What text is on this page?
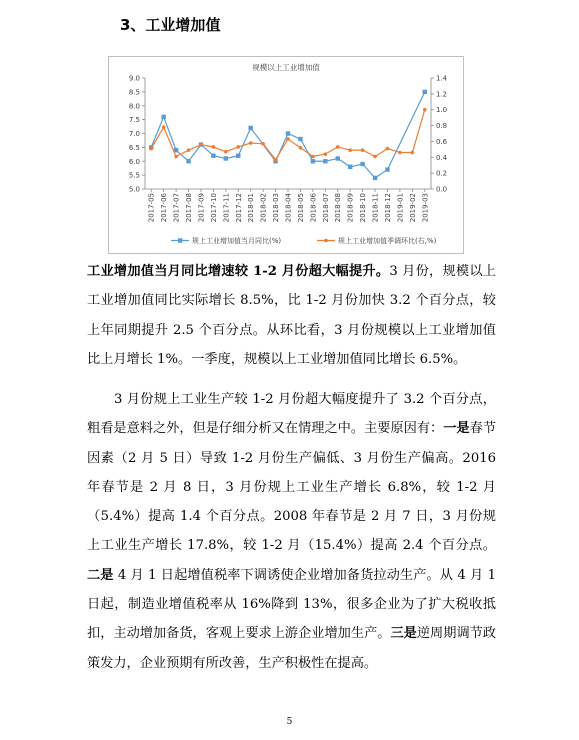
3、工业增加值
规模以上工业增加值
5.0
5.5
6.0
6.5
7.0
7.5
8.0
8.5
9.0
0.0
0.2
0.4
0.6
0.8
1.0
1.2
1.4
2017-05 2017-06 2017-07 2017-08 2017-09 2017-10 2017-11 2017-12 2018-01 2018-02 2018-03 2018-04 2018-05 2018-06 2018-07 2018-08 2018-09 2018-10 2018-11 2018-12 2019-01 2019-02 2019-03
规上工业增加值当月同比(%)	规上工业增加值季调环比(右,%)

工业增加值当月同比增速较 1-2 月份超大幅提升。3 月份，规模以上工业增加值同比实际增长 8.5%，比 1-2 月份加快 3.2 个百分点，较上年同期提升 2.5 个百分点。从环比看，3 月份规模以上工业增加值比上月增长 1%。一季度，规模以上工业增加值同比增长 6.5%。

3 月份规上工业生产较 1-2 月份超大幅度提升了 3.2 个百分点，粗看是意料之外，但是仔细分析又在情理之中。主要原因有：一是春节因素（2 月 5 日）导致 1-2 月份生产偏低、3 月份生产偏高。2016 年春节是 2 月 8 日，3 月份规上工业生产增长 6.8%，较 1-2 月（5.4%）提高 1.4 个百分点。2008 年春节是 2 月 7 日，3 月份规上工业生产增长 17.8%，较 1-2 月（15.4%）提高 2.4 个百分点。二是 4 月 1 日起增值税率下调诱使企业增加备货拉动生产。从 4 月 1 日起，制造业增值税率从 16%降到 13%，很多企业为了扩大税收抵扣，主动增加备货，客观上要求上游企业增加生产。三是逆周期调节政策发力，企业预期有所改善，生产积极性在提高。

5
